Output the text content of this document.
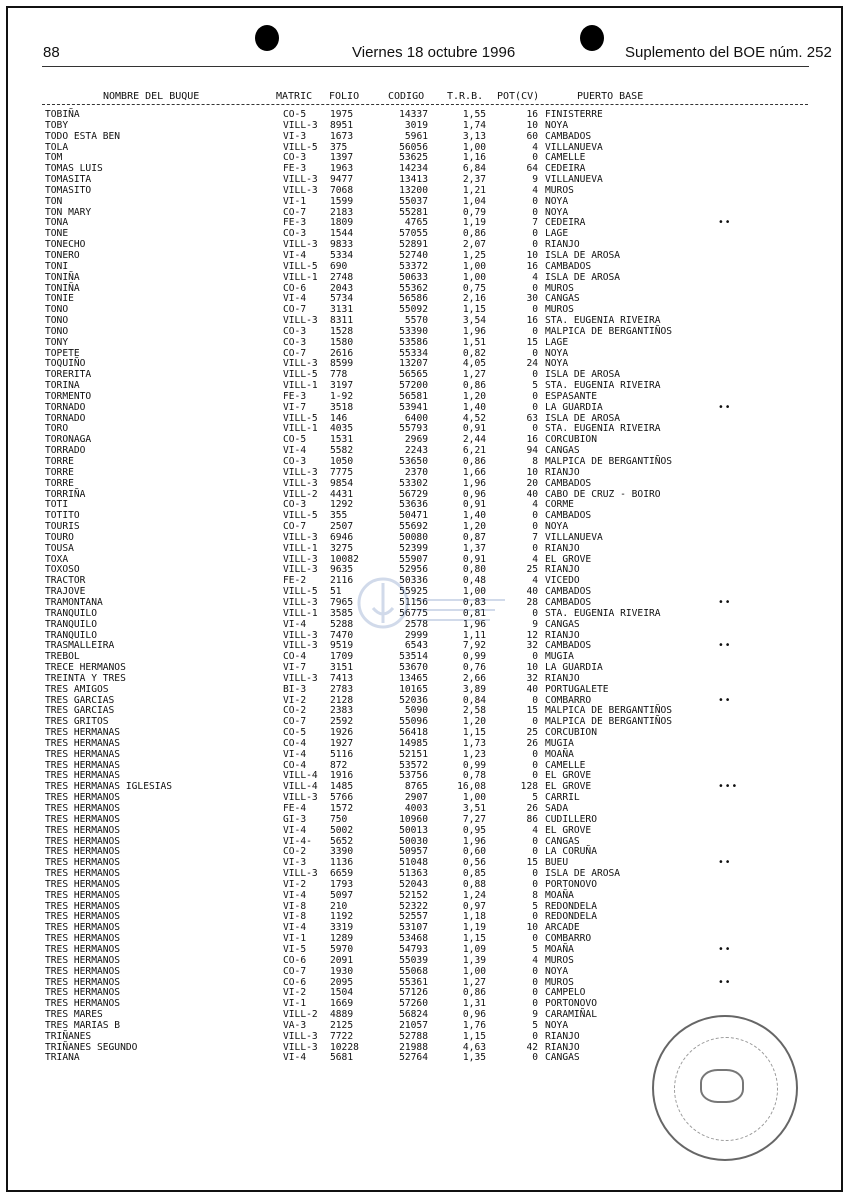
88	Viernes 18 octubre 1996	Suplemento del BOE núm. 252
NOMBRE DEL BUQUE	MATRIC FOLIO	CODIGO T.R.B. POT(CV)	PUERTO BASE
TOBIÑA	CO-5 1975	14337	1,55	16 FINISTERRE
TOBY	VILL-3 8951	3019	1,74	10 NOYA
TODO ESTA BEN	VI-3 1673	5961	3,13	60 CAMBADOS
TOLA	VILL-5 375	56056	1,00	4 VILLANUEVA
TOM	CO-3 1397	53625	1,16	0 CAMELLE
TOMAS LUIS	FE-3 1963	14234	6,84	64 CEDEIRA
TOMASITA	VILL-3 9477	13413	2,37	9 VILLANUEVA
TOMASITO	VILL-3 7068	13200	1,21	4 MUROS
TON	VI-1 1599	55037	1,04	0 NOYA
TON MARY	CO-7 2183	55281	0,79	0 NOYA
TONA	FE-3 1809	4765	1,19	7 CEDEIRA	••
TONE	CO-3 1544	57055	0,86	0 LAGE
TONECHO	VILL-3 9833	52891	2,07	0 RIANJO
TONERO	VI-4 5334	52740	1,25	10 ISLA DE AROSA
TONI	VILL-5 690	53372	1,00	16 CAMBADOS
TONIÑA	VILL-1 2748	50633	1,00	4 ISLA DE AROSA
TONIÑA	CO-6 2043	55362	0,75	0 MUROS
TONIE	VI-4 5734	56586	2,16	30 CANGAS
TONO	CO-7 3131	55092	1,15	0 MUROS
TONO	VILL-3 8311	5570	3,54	16 STA. EUGENIA RIVEIRA
TONO	CO-3 1528	53390	1,96	0 MALPICA DE BERGANTIÑOS
TONY	CO-3 1580	53586	1,51	15 LAGE
TOPETE	CO-7 2616	55334	0,82	0 NOYA
TOQUIÑO	VILL-3 8599	13207	4,05	24 NOYA
TORERITA	VILL-5 778	56565	1,27	0 ISLA DE AROSA
TORINA	VILL-1 3197	57200	0,86	5 STA. EUGENIA RIVEIRA
TORMENTO	FE-3 1-92	56581	1,20	0 ESPASANTE
TORNADO	VI-7 3518	53941	1,40	0 LA GUARDIA	••
TORNADO	VILL-5 146	6400	4,52	63 ISLA DE AROSA
TORO	VILL-1 4035	55793	0,91	0 STA. EUGENIA RIVEIRA
TORONAGA	CO-5 1531	2969	2,44	16 CORCUBION
TORRADO	VI-4 5582	2243	6,21	94 CANGAS
TORRE	CO-3 1050	53650	0,86	8 MALPICA DE BERGANTIÑOS
TORRE	VILL-3 7775	2370	1,66	10 RIANJO
TORRE	VILL-3 9854	53302	1,96	20 CAMBADOS
TORRIÑA	VILL-2 4431	56729	0,96	40 CABO DE CRUZ - BOIRO
TOTI	CO-3 1292	53636	0,91	4 CORME
TOTITO	VILL-5 355	50471	1,40	0 CAMBADOS
TOURIS	CO-7 2507	55692	1,20	0 NOYA
TOURO	VILL-3 6946	50080	0,87	7 VILLANUEVA
TOUSA	VILL-1 3275	52399	1,37	0 RIANJO
TOXA	VILL-3 10082	55907	0,91	4 EL GROVE
TOXOSO	VILL-3 9635	52956	0,80	25 RIANJO
TRACTOR	FE-2 2116	50336	0,48	4 VICEDO
TRAJOVE	VILL-5 51	55925	1,00	40 CAMBADOS
TRAMONTANA	VILL-3 7965	51156	0,83	28 CAMBADOS	••
TRANQUILO	VILL-1 3585	56775	0,81	0 STA. EUGENIA RIVEIRA
TRANQUILO	VI-4 5288	2578	1,96	9 CANGAS
TRANQUILO	VILL-3 7470	2999	1,11	12 RIANJO
TRASMALLEIRA	VILL-3 9519	6543	7,92	32 CAMBADOS	••
TREBOL	CO-4 1709	53514	0,99	0 MUGIA
TRECE HERMANOS	VI-7 3151	53670	0,76	10 LA GUARDIA
TREINTA Y TRES	VILL-3 7413	13465	2,66	32 RIANJO
TRES AMIGOS	BI-3 2783	10165	3,89	40 PORTUGALETE
TRES GARCIAS	VI-2 2128	52036	0,84	0 COMBARRO	••
TRES GARCIAS	CO-2 2383	5090	2,58	15 MALPICA DE BERGANTIÑOS
TRES GRITOS	CO-7 2592	55096	1,20	0 MALPICA DE BERGANTIÑOS
TRES HERMANAS	CO-5 1926	56418	1,15	25 CORCUBION
TRES HERMANAS	CO-4 1927	14985	1,73	26 MUGIA
TRES HERMANAS	VI-4 5116	52151	1,23	0 MOAÑA
TRES HERMANAS	CO-4 872	53572	0,99	0 CAMELLE
TRES HERMANAS	VILL-4 1916	53756	0,78	0 EL GROVE
TRES HERMANAS IGLESIAS	VILL-4 1485	8765	16,08	128 EL GROVE	•••
TRES HERMANOS	VILL-3 5766	2907	1,00	5 CARRIL
TRES HERMANOS	FE-4 1572	4003	3,51	26 SADA
TRES HERMANOS	GI-3 750	10960	7,27	86 CUDILLERO
TRES HERMANOS	VI-4 5002	50013	0,95	4 EL GROVE
TRES HERMANOS	VI-4- 5652	50030	1,96	0 CANGAS
TRES HERMANOS	CO-2 3390	50957	0,60	0 LA CORUÑA
TRES HERMANOS	VI-3 1136	51048	0,56	15 BUEU	••
TRES HERMANOS	VILL-3 6659	51363	0,85	0 ISLA DE AROSA
TRES HERMANOS	VI-2 1793	52043	0,88	0 PORTONOVO
TRES HERMANOS	VI-4 5097	52152	1,24	8 MOAÑA
TRES HERMANOS	VI-8 210	52322	0,97	5 REDONDELA
TRES HERMANOS	VI-8 1192	52557	1,18	0 REDONDELA
TRES HERMANOS	VI-4 3319	53107	1,19	10 ARCADE
TRES HERMANOS	VI-1 1289	53468	1,15	0 COMBARRO
TRES HERMANOS	VI-5 5970	54793	1,09	5 MOAÑA	••
TRES HERMANOS	CO-6 2091	55039	1,39	4 MUROS
TRES HERMANOS	CO-7 1930	55068	1,00	0 NOYA
TRES HERMANOS	CO-6 2095	55361	1,27	0 MUROS	••
TRES HERMANOS	VI-2 1504	57126	0,86	0 CAMPELO
TRES HERMANOS	VI-1 1669	57260	1,31	0 PORTONOVO
TRES MARES	VILL-2 4889	56824	0,96	9 CARAMIÑAL
TRES MARIAS B	VA-3 2125	21057	1,76	5 NOYA
TRIÑANES	VILL-3 7722	52788	1,15	0 RIANJO
TRIÑANES SEGUNDO	VILL-3 10228	21988	4,63	42 RIANJO
TRIANA	VI-4 5681	52764	1,35	0 CANGAS
